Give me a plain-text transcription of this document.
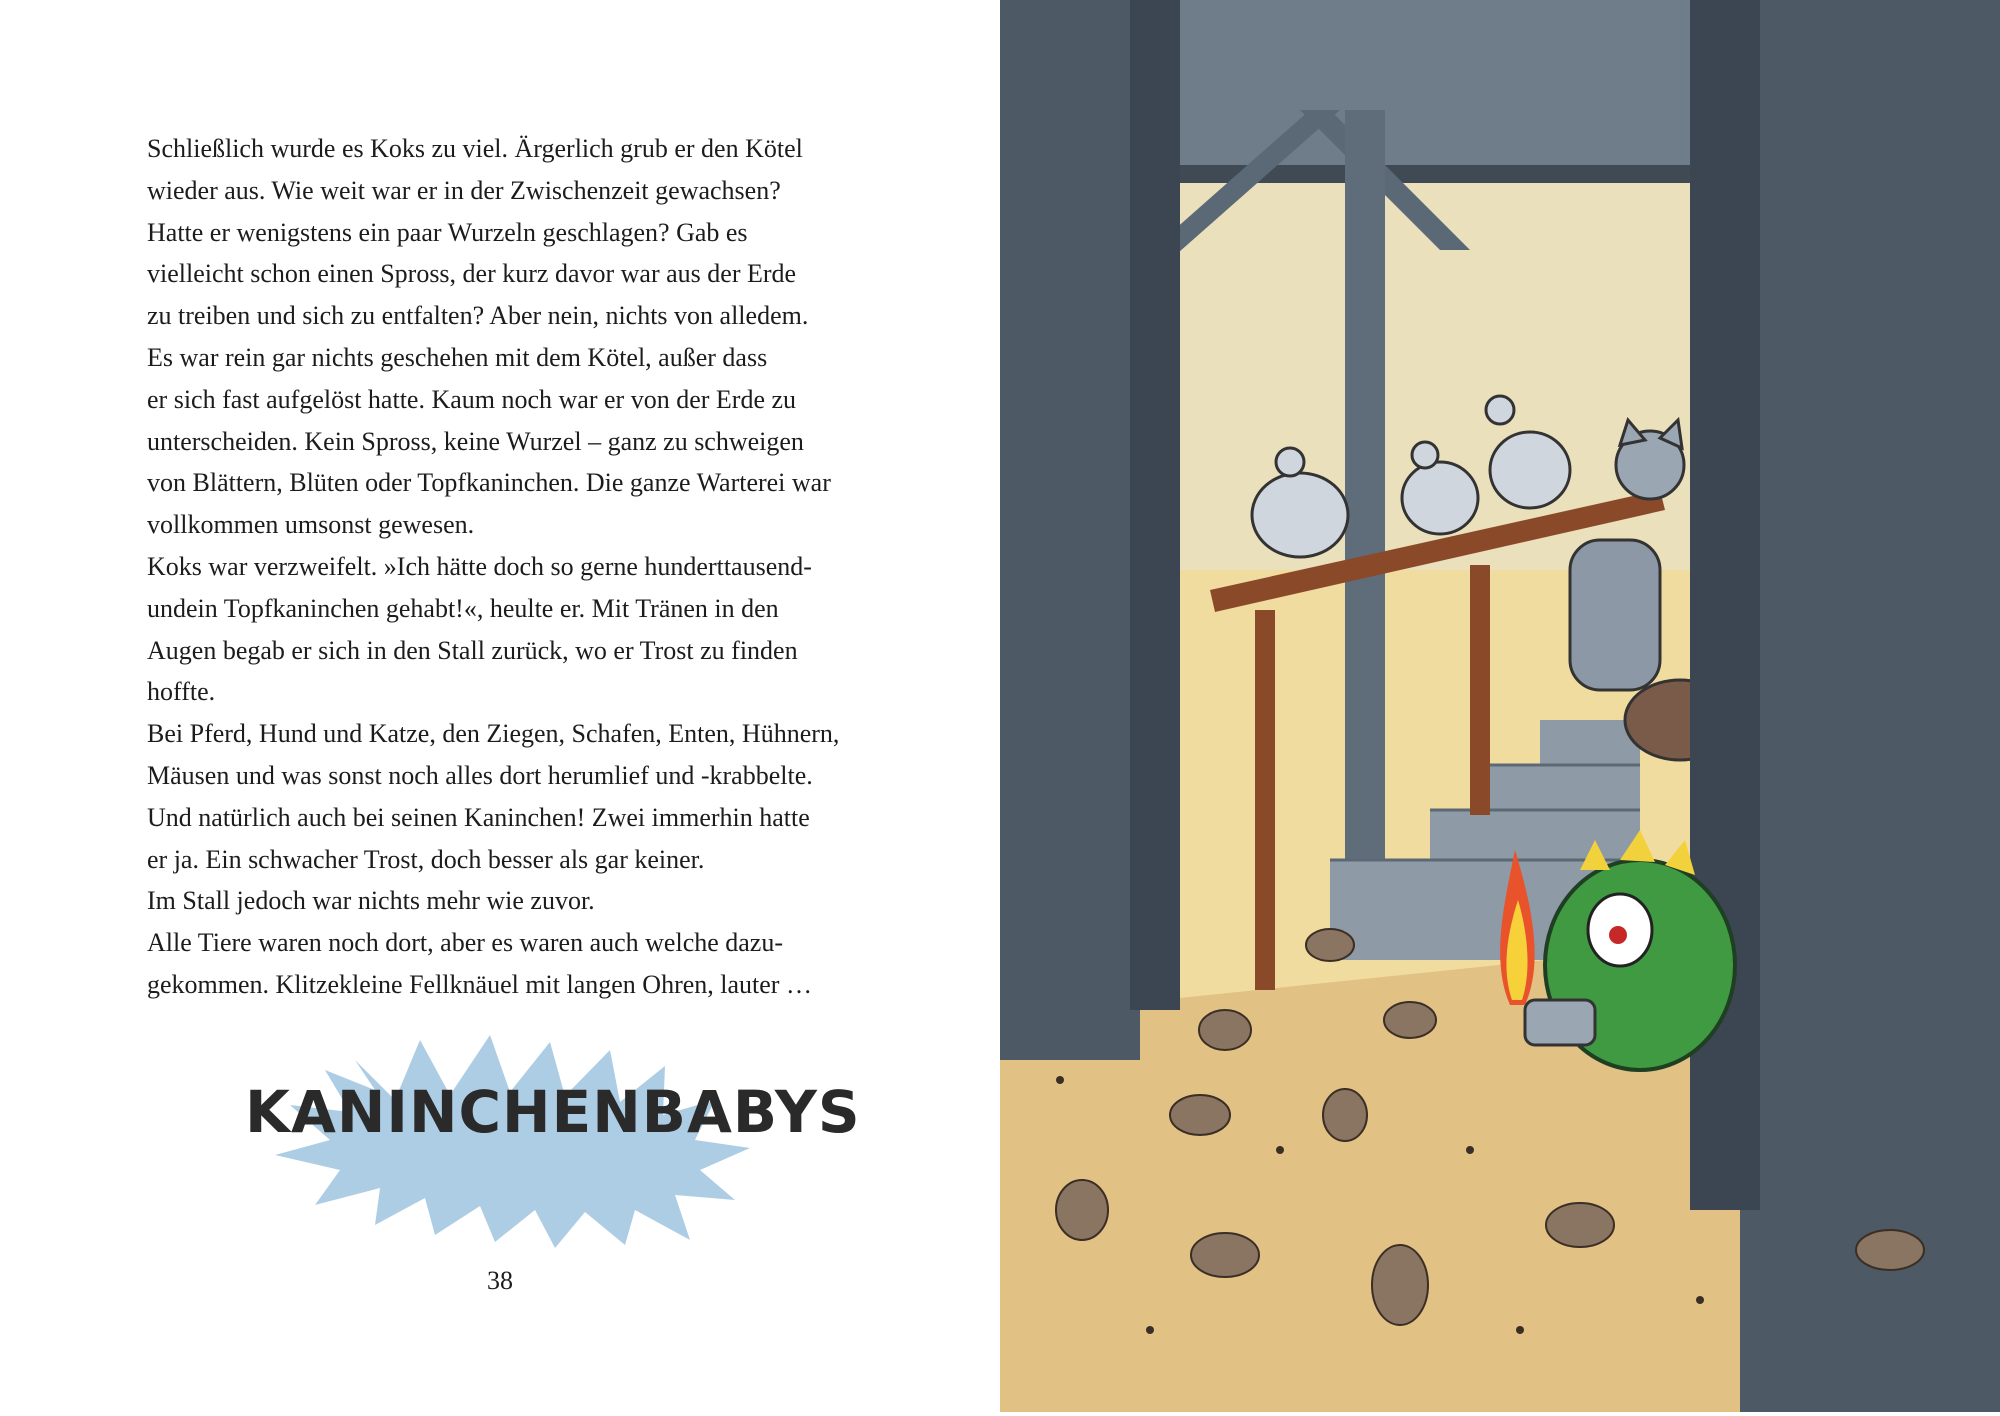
Schließlich wurde es Koks zu viel. Ärgerlich grub er den Kötel
wieder aus. Wie weit war er in der Zwischenzeit gewachsen?
Hatte er wenigstens ein paar Wurzeln geschlagen? Gab es
vielleicht schon einen Spross, der kurz davor war aus der Erde
zu treiben und sich zu entfalten? Aber nein, nichts von alledem.
Es war rein gar nichts geschehen mit dem Kötel, außer dass
er sich fast aufgelöst hatte. Kaum noch war er von der Erde zu
unterscheiden. Kein Spross, keine Wurzel – ganz zu schweigen
von Blättern, Blüten oder Topfkaninchen. Die ganze Warterei war
vollkommen umsonst gewesen.
Koks war verzweifelt. »Ich hätte doch so gerne hunderttausend-
undein Topfkaninchen gehabt!«, heulte er. Mit Tränen in den
Augen begab er sich in den Stall zurück, wo er Trost zu finden
hoffte.
Bei Pferd, Hund und Katze, den Ziegen, Schafen, Enten, Hühnern,
Mäusen und was sonst noch alles dort herumlief und -krabbelte.
Und natürlich auch bei seinen Kaninchen! Zwei immerhin hatte
er ja. Ein schwacher Trost, doch besser als gar keiner.
Im Stall jedoch war nichts mehr wie zuvor.
Alle Tiere waren noch dort, aber es waren auch welche dazu-
gekommen. Klitzekleine Fellknäuel mit langen Ohren, lauter …
KANINCHENBABYS
38
